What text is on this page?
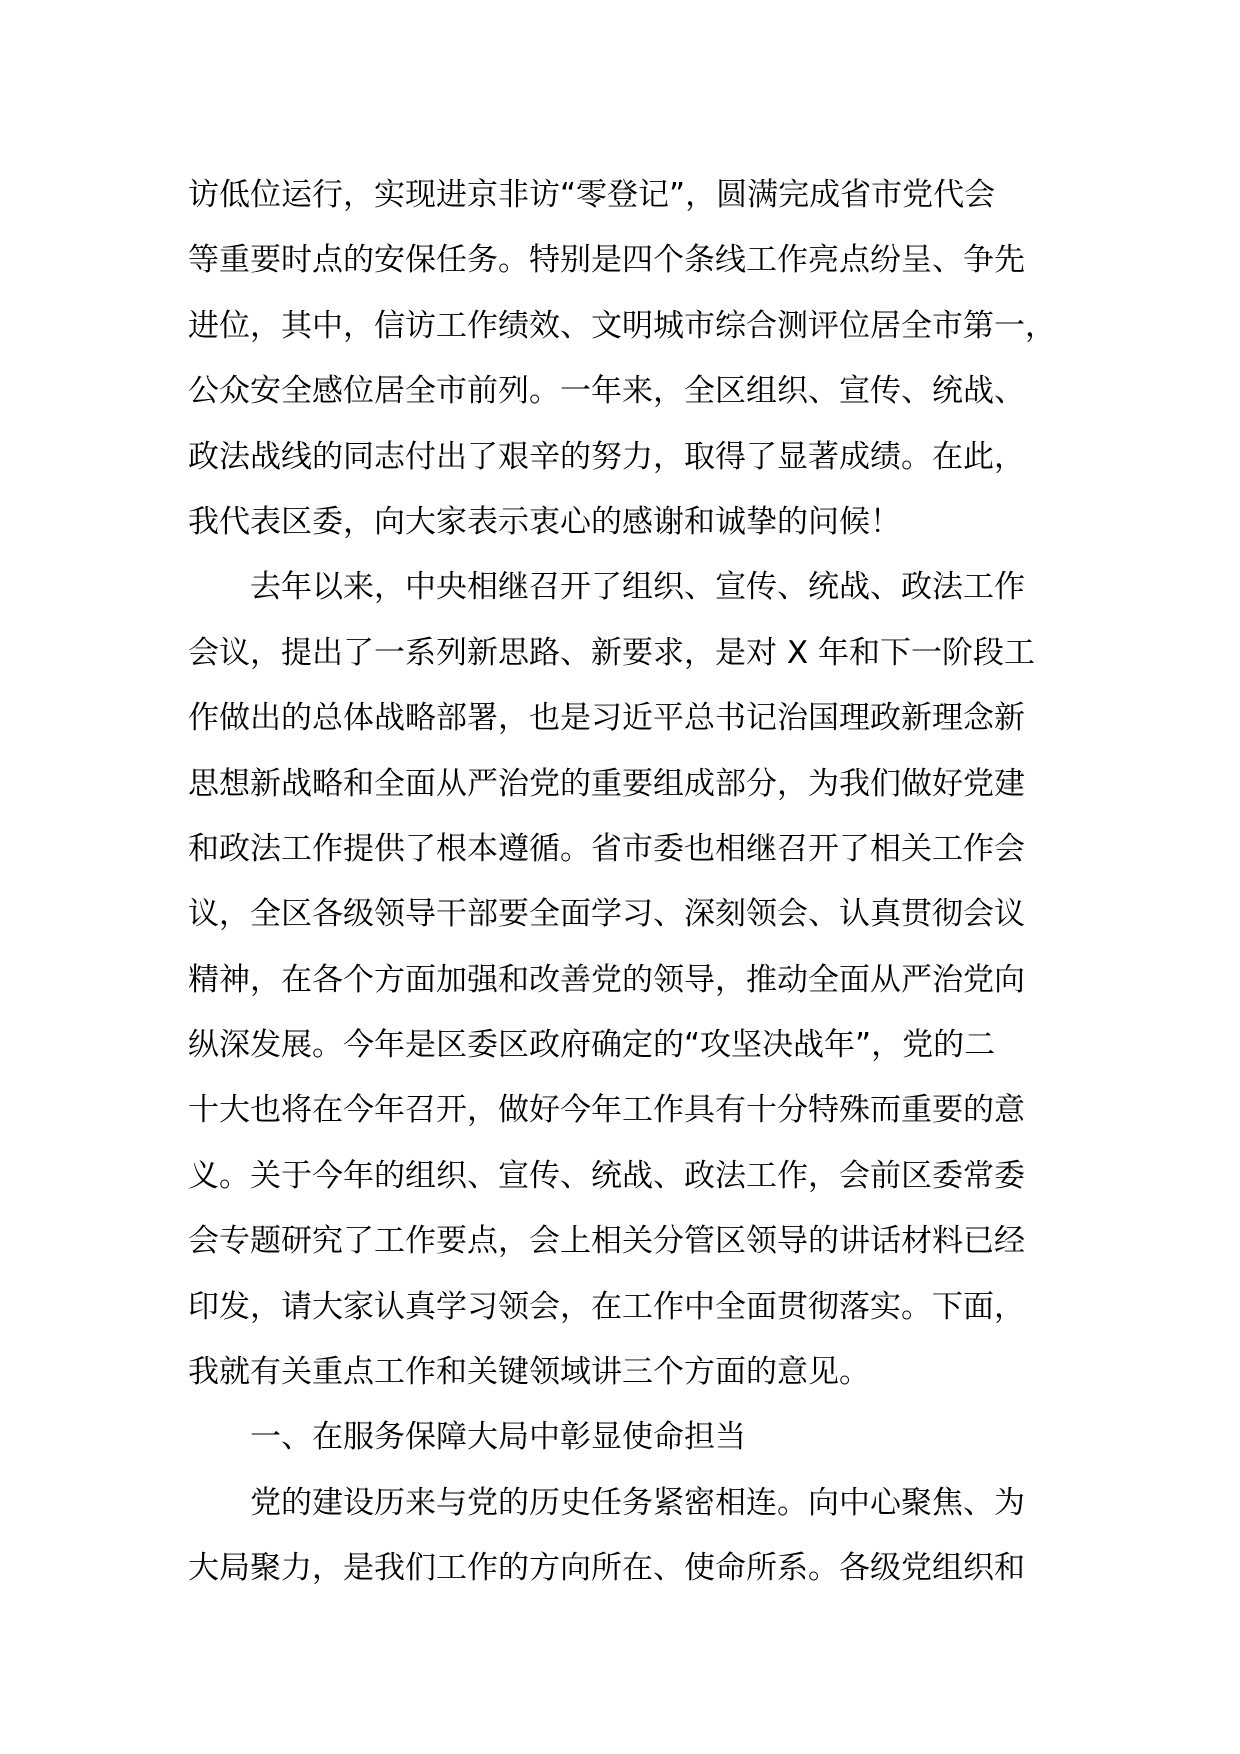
访低位运行，实现进京非访“零登记”，圆满完成省市党代会
等重要时点的安保任务。特别是四个条线工作亮点纷呈、争先
进位，其中，信访工作绩效、文明城市综合测评位居全市第一，
公众安全感位居全市前列。一年来，全区组织、宣传、统战、
政法战线的同志付出了艰辛的努力，取得了显著成绩。在此，
我代表区委，向大家表示衷心的感谢和诚挚的问候！
去年以来，中央相继召开了组织、宣传、统战、政法工作
会议，提出了一系列新思路、新要求，是对 X 年和下一阶段工
作做出的总体战略部署，也是习近平总书记治国理政新理念新
思想新战略和全面从严治党的重要组成部分，为我们做好党建
和政法工作提供了根本遵循。省市委也相继召开了相关工作会
议，全区各级领导干部要全面学习、深刻领会、认真贯彻会议
精神，在各个方面加强和改善党的领导，推动全面从严治党向
纵深发展。今年是区委区政府确定的“攻坚决战年”，党的二
十大也将在今年召开，做好今年工作具有十分特殊而重要的意
义。关于今年的组织、宣传、统战、政法工作，会前区委常委
会专题研究了工作要点，会上相关分管区领导的讲话材料已经
印发，请大家认真学习领会，在工作中全面贯彻落实。下面，
我就有关重点工作和关键领域讲三个方面的意见。
一、在服务保障大局中彰显使命担当
党的建设历来与党的历史任务紧密相连。向中心聚焦、为
大局聚力，是我们工作的方向所在、使命所系。各级党组织和
